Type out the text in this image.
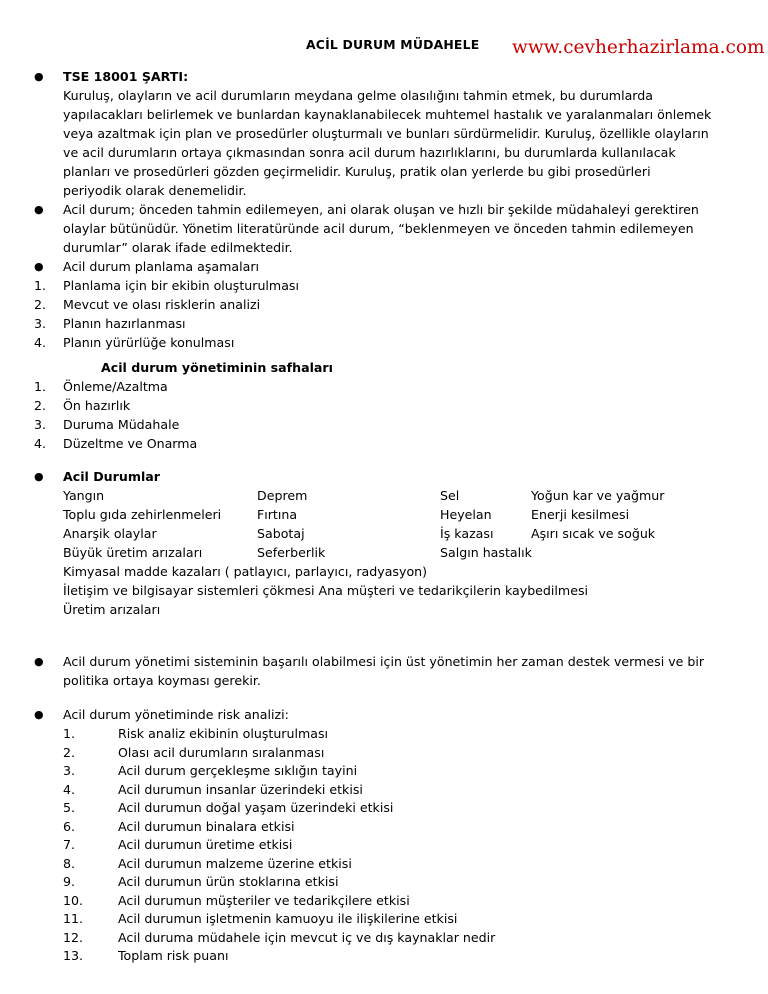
ACİL DURUM MÜDAHELE www.cevherhazirlama.com
● TSE 18001 ŞARTI:
Kuruluş, olayların ve acil durumların meydana gelme olasılığını tahmin etmek, bu durumlarda
yapılacakları belirlemek ve bunlardan kaynaklanabilecek muhtemel hastalık ve yaralanmaları önlemek
veya azaltmak için plan ve prosedürler oluşturmalı ve bunları sürdürmelidir. Kuruluş, özellikle olayların
ve acil durumların ortaya çıkmasından sonra acil durum hazırlıklarını, bu durumlarda kullanılacak
planları ve prosedürleri gözden geçirmelidir. Kuruluş, pratik olan yerlerde bu gibi prosedürleri
periyodik olarak denemelidir.
● Acil durum; önceden tahmin edilemeyen, ani olarak oluşan ve hızlı bir şekilde müdahaleyi gerektiren
olaylar bütünüdür. Yönetim literatüründe acil durum, “beklenmeyen ve önceden tahmin edilemeyen
durumlar” olarak ifade edilmektedir.
● Acil durum planlama aşamaları
1. Planlama için bir ekibin oluşturulması
2. Mevcut ve olası risklerin analizi
3. Planın hazırlanması
4. Planın yürürlüğe konulması
Acil durum yönetiminin safhaları
1. Önleme/Azaltma
2. Ön hazırlık
3. Duruma Müdahale
4. Düzeltme ve Onarma
● Acil Durumlar
Yangın	Deprem	Sel	Yoğun kar ve yağmur
Toplu gıda zehirlenmeleri	Fırtına	Heyelan	Enerji kesilmesi
Anarşik olaylar	Sabotaj	İş kazası	Aşırı sıcak ve soğuk
Büyük üretim arızaları	Seferberlik	Salgın hastalık
Kimyasal madde kazaları ( patlayıcı, parlayıcı, radyasyon)
İletişim ve bilgisayar sistemleri çökmesi Ana müşteri ve tedarikçilerin kaybedilmesi
Üretim arızaları
● Acil durum yönetimi sisteminin başarılı olabilmesi için üst yönetimin her zaman destek vermesi ve bir
politika ortaya koyması gerekir.
● Acil durum yönetiminde risk analizi:
1.	Risk analiz ekibinin oluşturulması
2.	Olası acil durumların sıralanması
3.	Acil durum gerçekleşme sıklığın tayini
4.	Acil durumun insanlar üzerindeki etkisi
5.	Acil durumun doğal yaşam üzerindeki etkisi
6.	Acil durumun binalara etkisi
7.	Acil durumun üretime etkisi
8.	Acil durumun malzeme üzerine etkisi
9.	Acil durumun ürün stoklarına etkisi
10.	Acil durumun müşteriler ve tedarikçilere etkisi
11.	Acil durumun işletmenin kamuoyu ile ilişkilerine etkisi
12.	Acil duruma müdahele için mevcut iç ve dış kaynaklar nedir
13.	Toplam risk puanı
